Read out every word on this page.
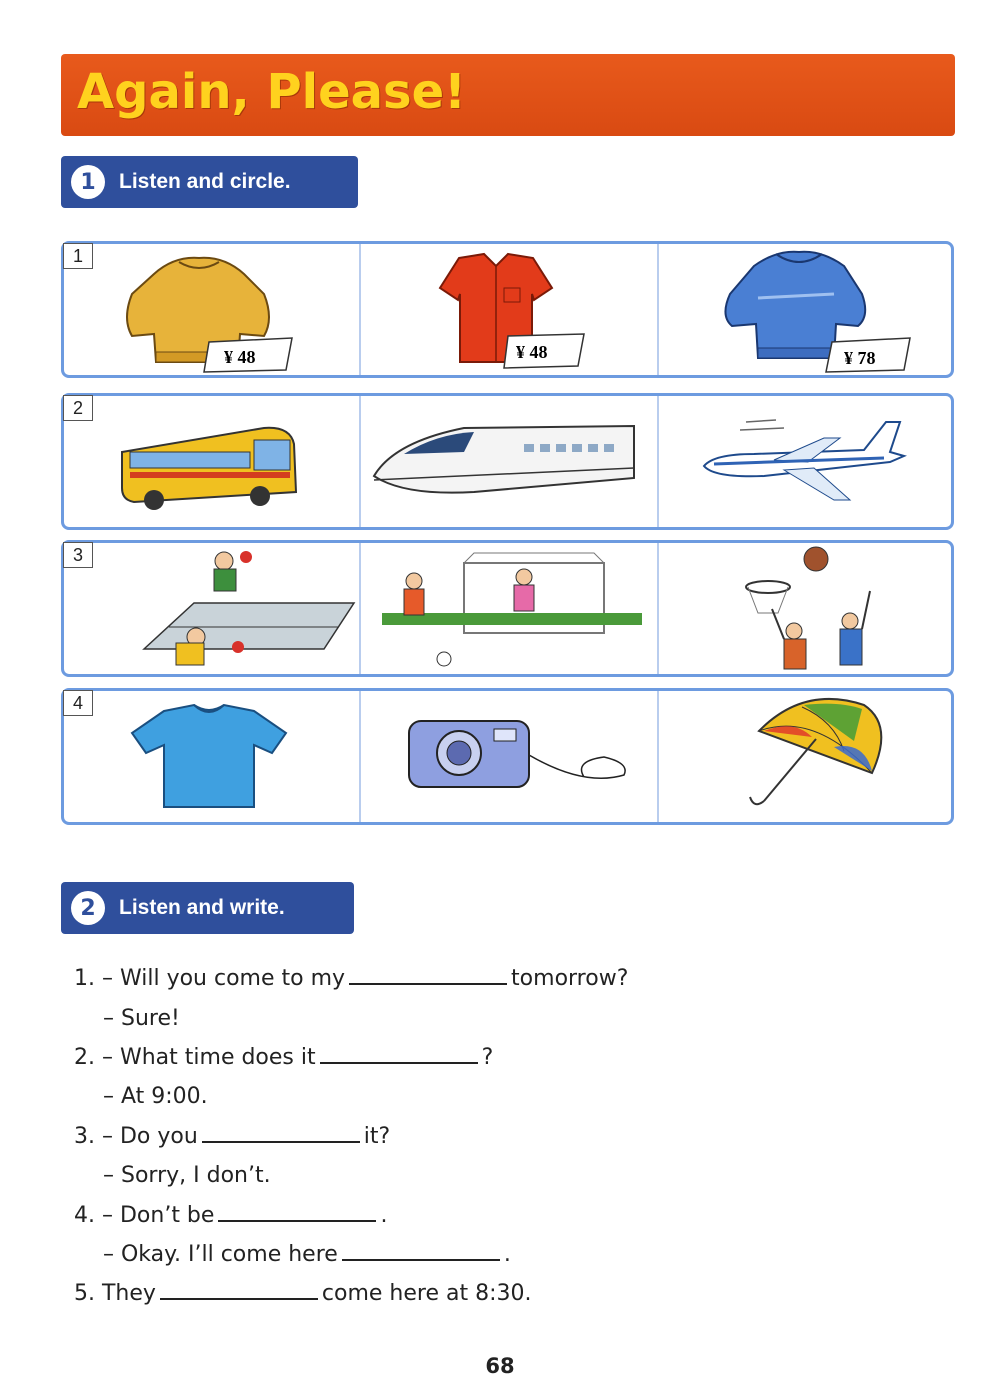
Again, Please!
1	Listen and circle.
1
¥ 48	¥ 48	¥ 78
2
3
4
2	Listen and write.
1. – Will you come to my	tomorrow?
– Sure!
2. – What time does it	?
– At 9:00.
3. – Do you	it?
– Sorry, I don’t.
4. – Don’t be	.
– Okay. I’ll come here	.
5. They	come here at 8:30.
68
